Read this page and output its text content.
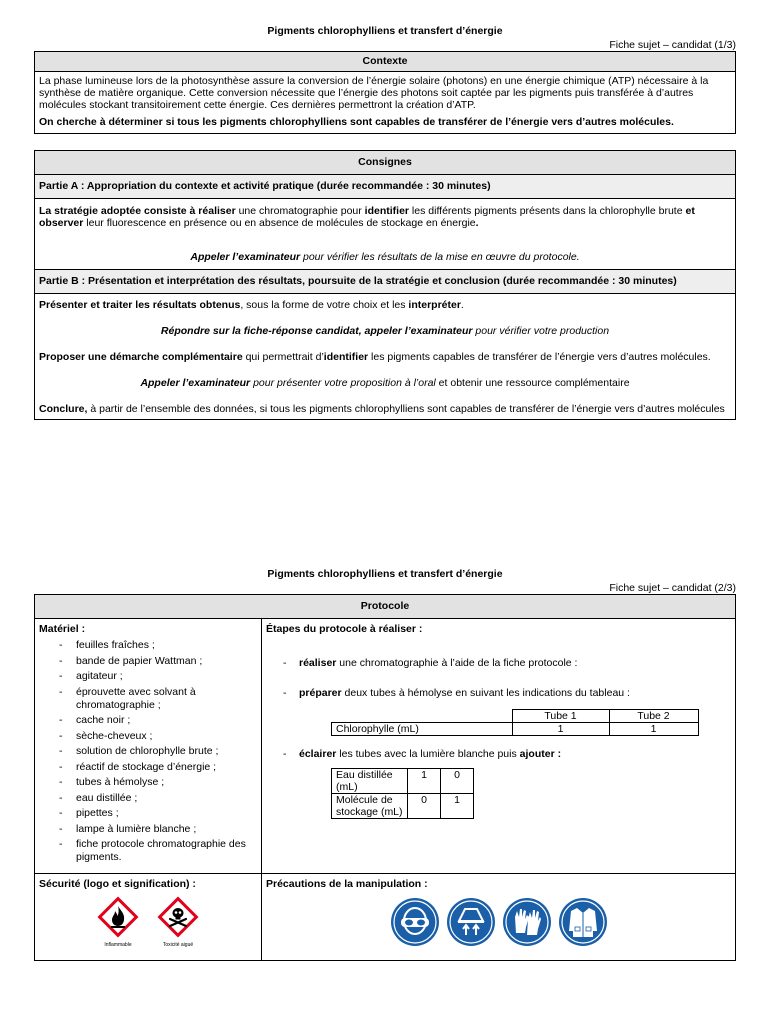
Pigments chlorophylliens et transfert d’énergie
Fiche sujet – candidat (1/3)
Contexte
La phase lumineuse lors de la photosynthèse assure la conversion de l’énergie solaire (photons) en une énergie chimique (ATP) nécessaire à la synthèse de matière organique. Cette conversion nécessite que l’énergie des photons soit captée par les pigments puis transférée à d’autres molécules stockant transitoirement cette énergie. Ces dernières permettront la création d’ATP.
On cherche à déterminer si tous les pigments chlorophylliens sont capables de transférer de l’énergie vers d’autres molécules.
Consignes
Partie A : Appropriation du contexte et activité pratique (durée recommandée : 30 minutes)
La stratégie adoptée consiste à réaliser une chromatographie pour identifier les différents pigments présents dans la chlorophylle brute et observer leur fluorescence en présence ou en absence de molécules de stockage en énergie.
Appeler l’examinateur pour vérifier les résultats de la mise en œuvre du protocole.
Partie B : Présentation et interprétation des résultats, poursuite de la stratégie et conclusion (durée recommandée : 30 minutes)
Présenter et traiter les résultats obtenus, sous la forme de votre choix et les interpréter.
Répondre sur la fiche-réponse candidat, appeler l’examinateur pour vérifier votre production
Proposer une démarche complémentaire qui permettrait d’identifier les pigments capables de transférer de l’énergie vers d’autres molécules.
Appeler l’examinateur pour présenter votre proposition à l’oral et obtenir une ressource complémentaire
Conclure, à partir de l’ensemble des données, si tous les pigments chlorophylliens sont capables de transférer de l’énergie vers d’autres molécules
Pigments chlorophylliens et transfert d’énergie
Fiche sujet – candidat (2/3)
Protocole
Matériel :
- feuilles fraîches ;
- bande de papier Wattman ;
- agitateur ;
- éprouvette avec solvant à chromatographie ;
- cache noir ;
- sèche-cheveux ;
- solution de chlorophylle brute ;
- réactif de stockage d’énergie ;
- tubes à hémolyse ;
- eau distillée ;
- pipettes ;
- lampe à lumière blanche ;
- fiche protocole chromatographie des pigments.
Étapes du protocole à réaliser :
- réaliser une chromatographie à l’aide de la fiche protocole :
- préparer deux tubes à hémolyse en suivant les indications du tableau :
	Tube 1	Tube 2
Chlorophylle (mL)	1	1
- éclairer les tubes avec la lumière blanche puis ajouter :
Eau distillée (mL)	1	0
Molécule de stockage (mL)	0	1
Sécurité (logo et signification) :
Inflammable	Toxicité aiguë
Précautions de la manipulation :
